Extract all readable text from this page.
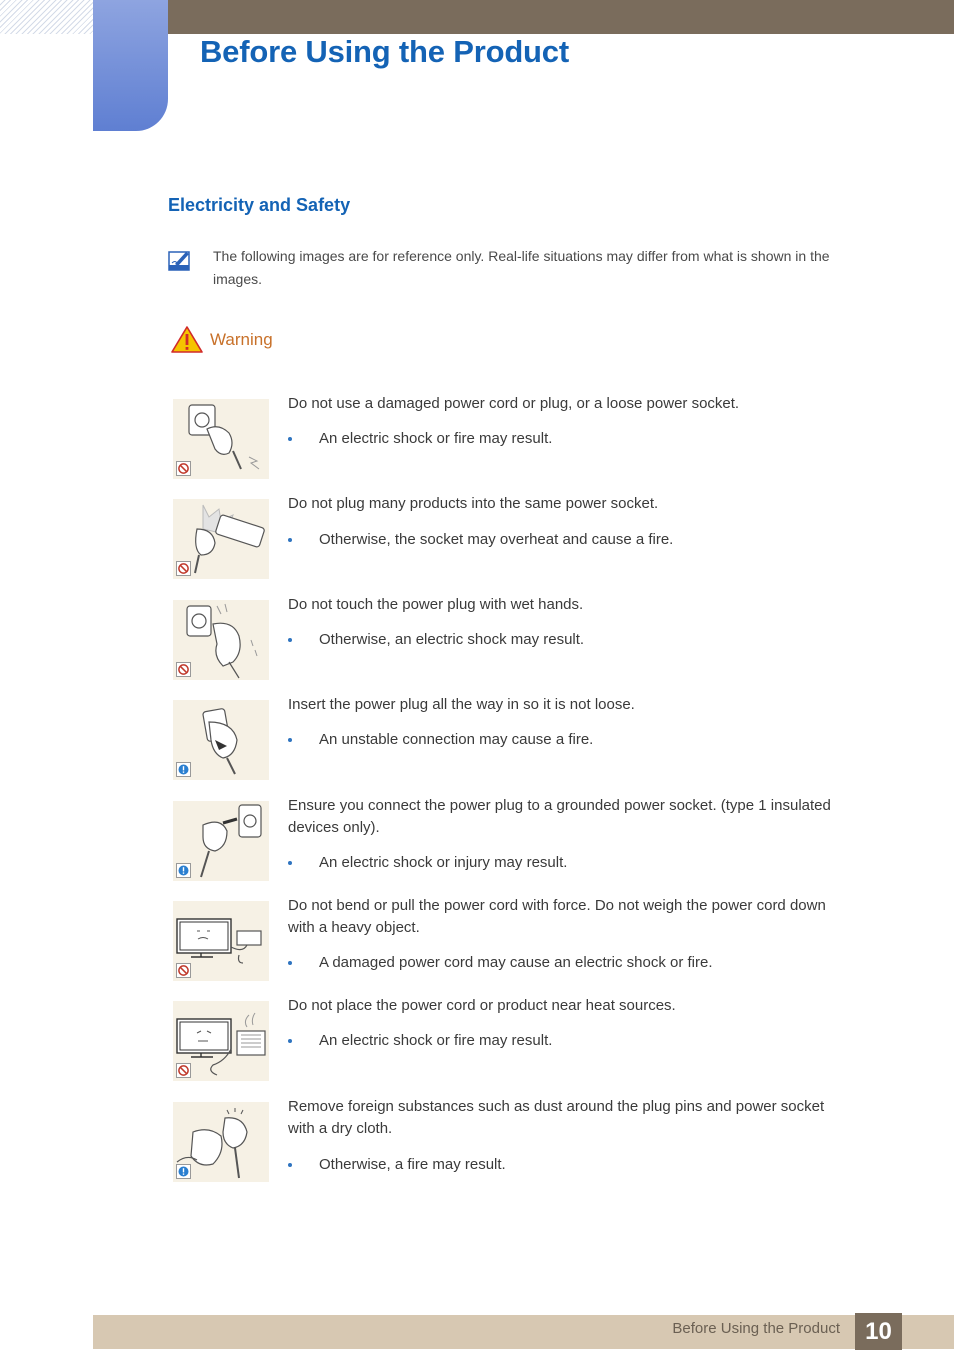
Before Using the Product
Electricity and Safety

The following images are for reference only. Real-life situations may differ from what is shown in the images.

Warning

Do not use a damaged power cord or plug, or a loose power socket.

An electric shock or fire may result.

Do not plug many products into the same power socket.

Otherwise, the socket may overheat and cause a fire.

Do not touch the power plug with wet hands.

Otherwise, an electric shock may result.

Insert the power plug all the way in so it is not loose.

An unstable connection may cause a fire.

Ensure you connect the power plug to a grounded power socket. (type 1 insulated devices only).

An electric shock or injury may result.

Do not bend or pull the power cord with force. Do not weigh the power cord down with a heavy object.

A damaged power cord may cause an electric shock or fire.

Do not place the power cord or product near heat sources.

An electric shock or fire may result.

Remove foreign substances such as dust around the plug pins and power socket with a dry cloth.

Otherwise, a fire may result.

Before Using the Product	10
